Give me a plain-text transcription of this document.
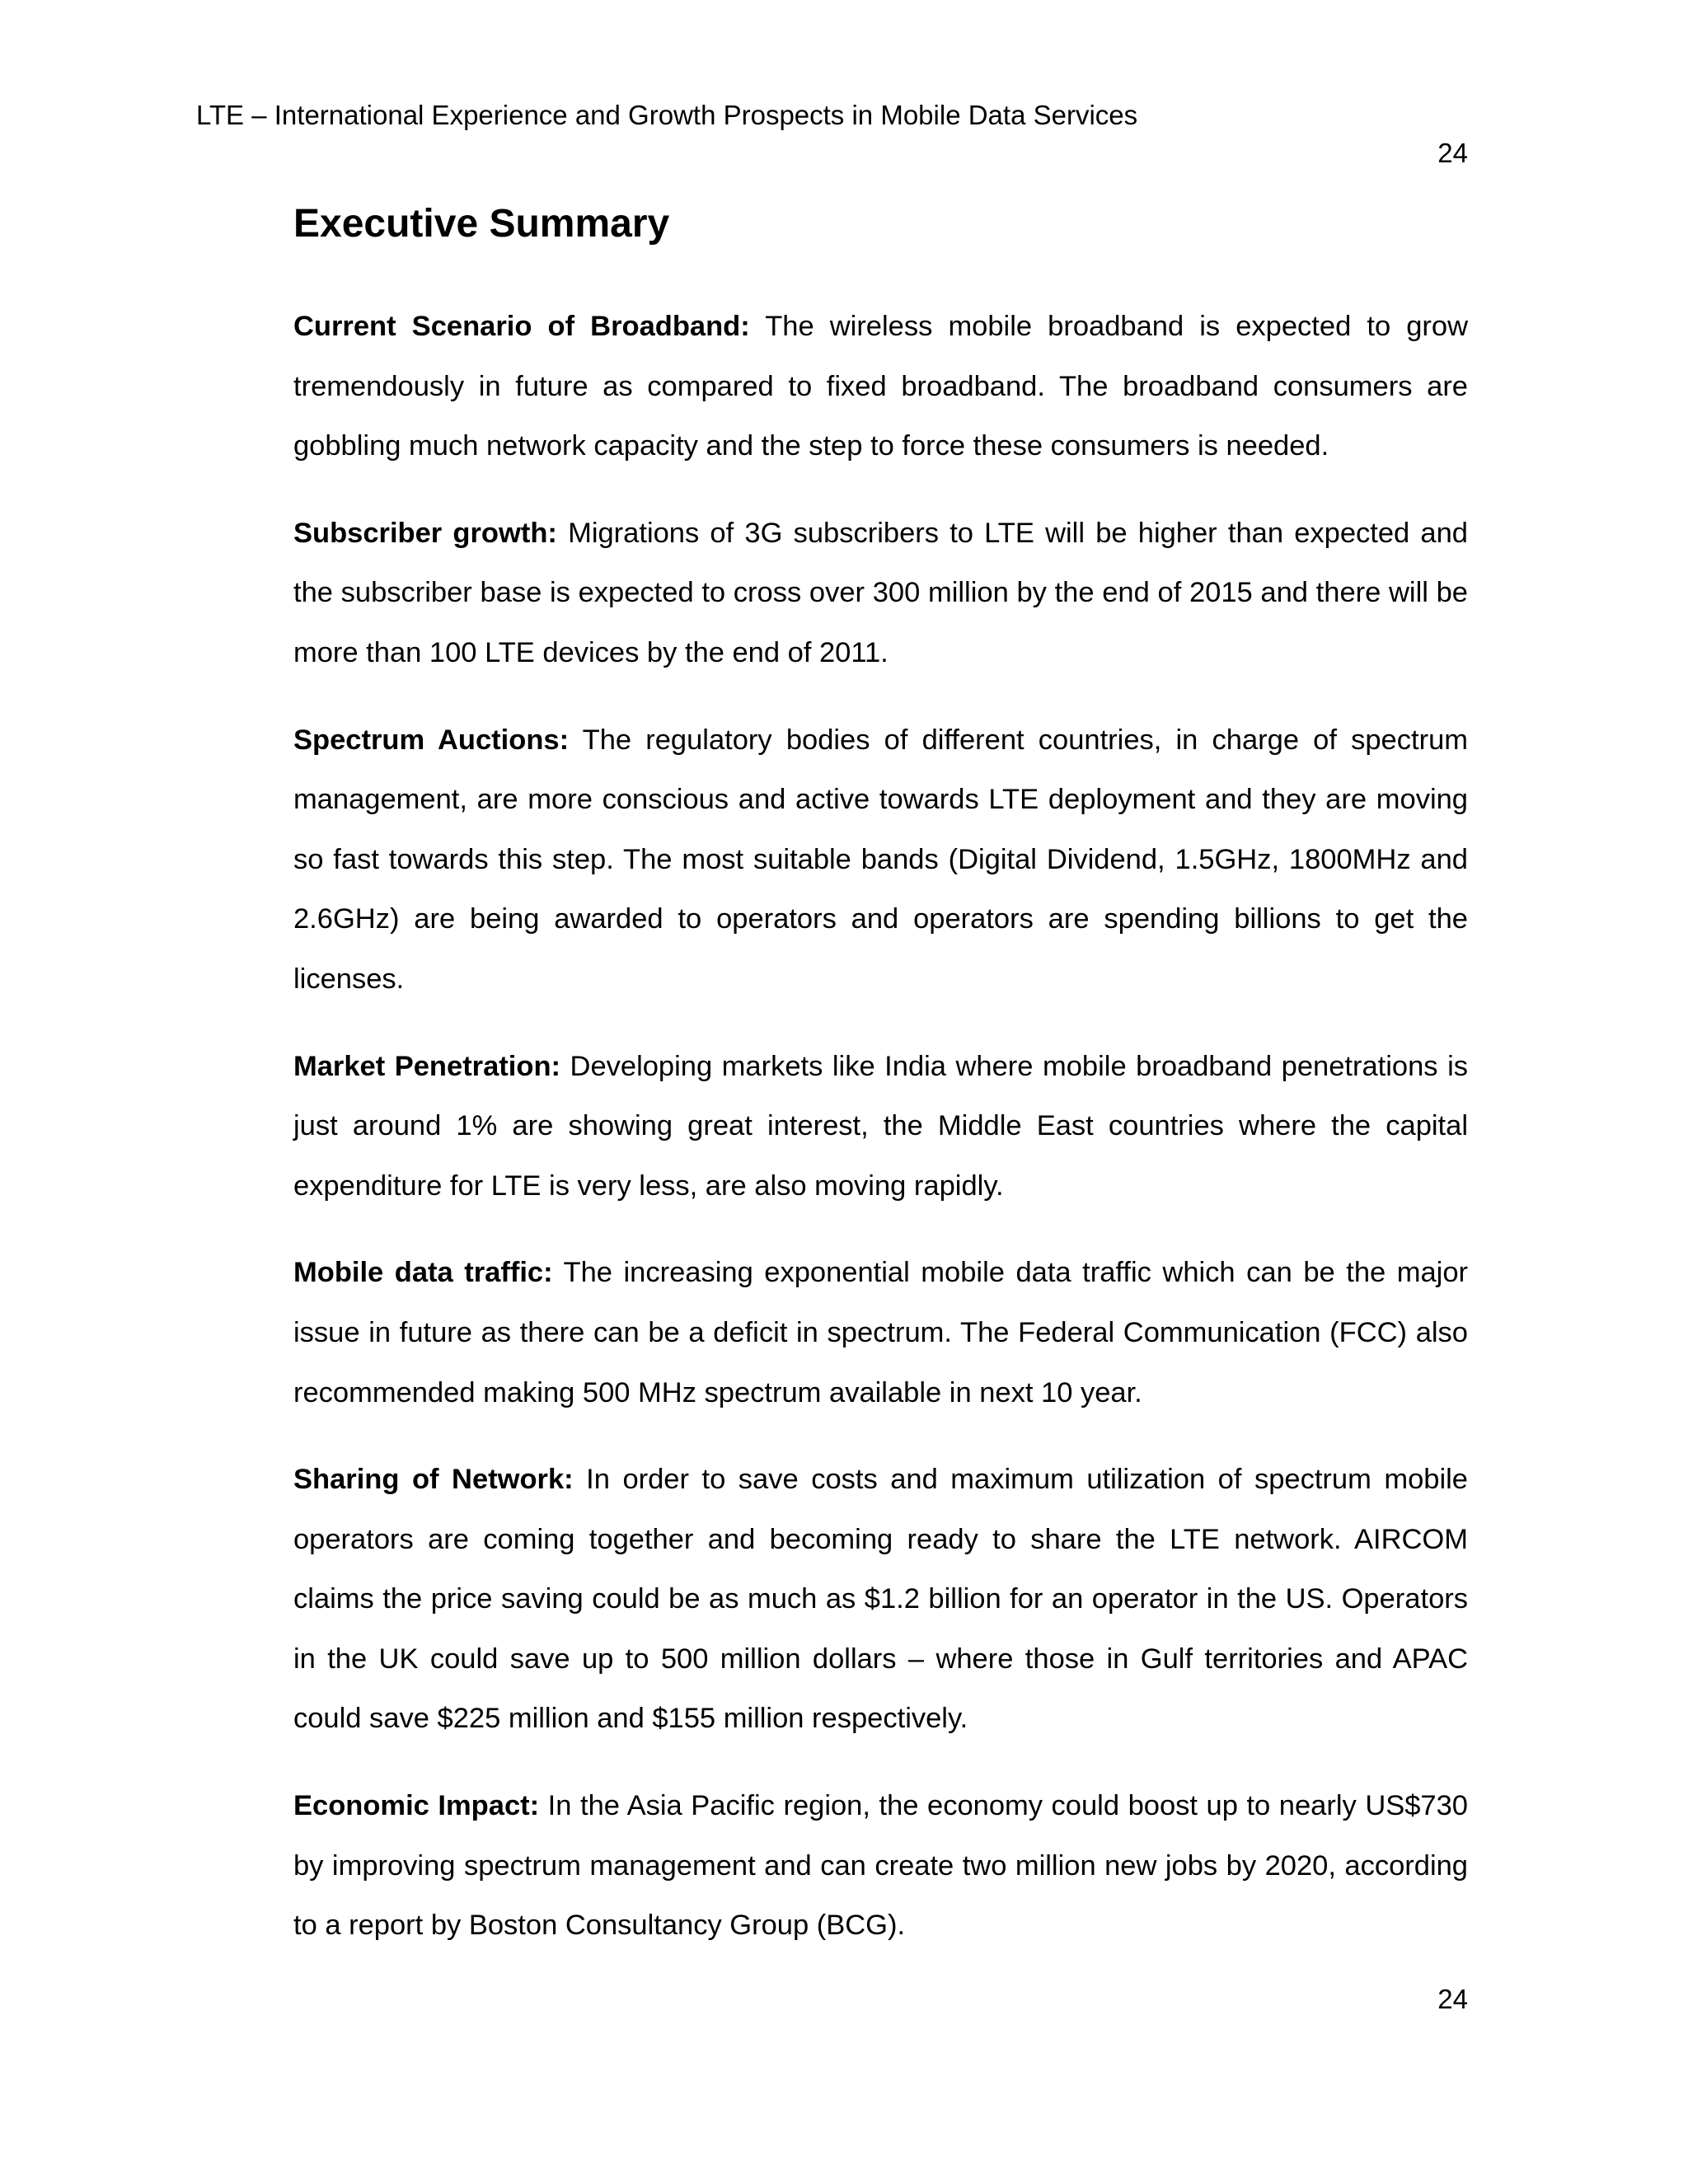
LTE – International Experience and Growth Prospects in Mobile Data Services
24
Executive Summary

Current Scenario of Broadband: The wireless mobile broadband is expected to grow tremendously in future as compared to fixed broadband. The broadband consumers are gobbling much network capacity and the step to force these consumers is needed.

Subscriber growth: Migrations of 3G subscribers to LTE will be higher than expected and the subscriber base is expected to cross over 300 million by the end of 2015 and there will be more than 100 LTE devices by the end of 2011.

Spectrum Auctions: The regulatory bodies of different countries, in charge of spectrum management, are more conscious and active towards LTE deployment and they are moving so fast towards this step. The most suitable bands (Digital Dividend, 1.5GHz, 1800MHz and 2.6GHz) are being awarded to operators and operators are spending billions to get the licenses.

Market Penetration: Developing markets like India where mobile broadband penetrations is just around 1% are showing great interest, the Middle East countries where the capital expenditure for LTE is very less, are also moving rapidly.

Mobile data traffic: The increasing exponential mobile data traffic which can be the major issue in future as there can be a deficit in spectrum. The Federal Communication (FCC) also recommended making 500 MHz spectrum available in next 10 year.

Sharing of Network: In order to save costs and maximum utilization of spectrum mobile operators are coming together and becoming ready to share the LTE network. AIRCOM claims the price saving could be as much as $1.2 billion for an operator in the US. Operators in the UK could save up to 500 million dollars – where those in Gulf territories and APAC could save $225 million and $155 million respectively.

Economic Impact: In the Asia Pacific region, the economy could boost up to nearly US$730 by improving spectrum management and can create two million new jobs by 2020, according to a report by Boston Consultancy Group (BCG).

24
